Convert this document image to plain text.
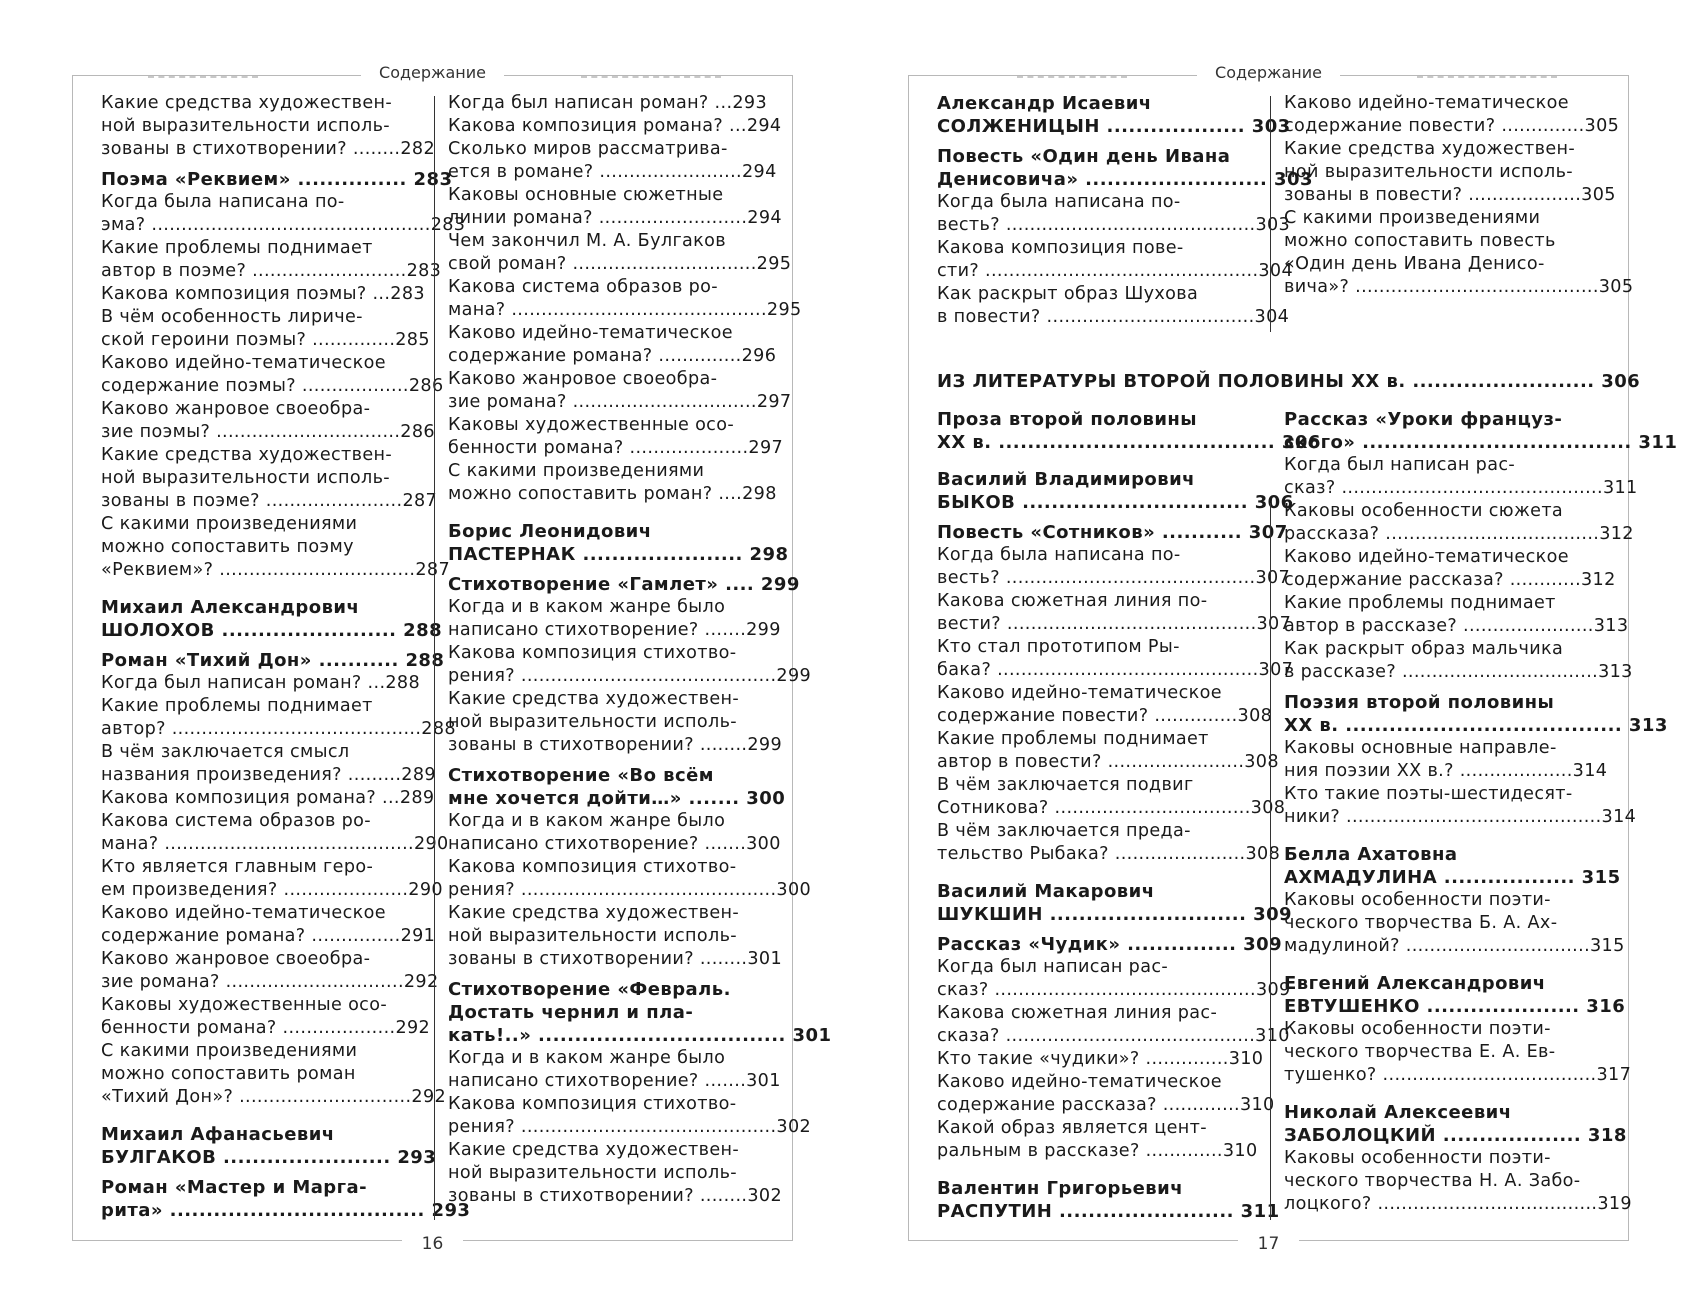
Содержание
Какие средства художествен-
ной выразительности исполь-
зованы в стихотворении? ........282
Поэма «Реквием» ............... 283
Когда была написана по-
эма? ...............................................283
Какие проблемы поднимает
автор в поэме? ..........................283
Какова композиция поэмы? ...283
В чём особенность лириче-
ской героини поэмы? ..............285
Каково идейно-тематическое
содержание поэмы? ..................286
Каково жанровое своеобра-
зие поэмы? ...............................286
Какие средства художествен-
ной выразительности исполь-
зованы в поэме? .......................287
С какими произведениями
можно сопоставить поэму
«Реквием»? .................................287
Михаил Александрович
ШОЛОХОВ ........................ 288
Роман «Тихий Дон» ........... 288
Когда был написан роман? ...288
Какие проблемы поднимает
автор? ..........................................288
В чём заключается смысл
названия произведения? .........289
Какова композиция романа? ...289
Какова система образов ро-
мана? ..........................................290
Кто является главным геро-
ем произведения? .....................290
Каково идейно-тематическое
содержание романа? ...............291
Каково жанровое своеобра-
зие романа? ..............................292
Каковы художественные осо-
бенности романа? ...................292
С какими произведениями
можно сопоставить роман
«Тихий Дон»? .............................292
Михаил Афанасьевич
БУЛГАКОВ ....................... 293
Роман «Мастер и Марга-
рита» ................................... 293
Когда был написан роман? ...293
Какова композиция романа? ...294
Сколько миров рассматрива-
ется в романе? ........................294
Каковы основные сюжетные
линии романа? .........................294
Чем закончил М. А. Булгаков
свой роман? ...............................295
Какова система образов ро-
мана? ...........................................295
Каково идейно-тематическое
содержание романа? ..............296
Каково жанровое своеобра-
зие романа? ...............................297
Каковы художественные осо-
бенности романа? ....................297
С какими произведениями
можно сопоставить роман? ....298
Борис Леонидович
ПАСТЕРНАК ...................... 298
Стихотворение «Гамлет» .... 299
Когда и в каком жанре было
написано стихотворение? .......299
Какова композиция стихотво-
рения? ...........................................299
Какие средства художествен-
ной выразительности исполь-
зованы в стихотворении? ........299
Стихотворение «Во всём
мне хочется дойти…» ....... 300
Когда и в каком жанре было
написано стихотворение? .......300
Какова композиция стихотво-
рения? ...........................................300
Какие средства художествен-
ной выразительности исполь-
зованы в стихотворении? ........301
Стихотворение «Февраль.
Достать чернил и пла-
кать!..» .................................. 301
Когда и в каком жанре было
написано стихотворение? .......301
Какова композиция стихотво-
рения? ...........................................302
Какие средства художествен-
ной выразительности исполь-
зованы в стихотворении? ........302
16
Содержание
Александр Исаевич
СОЛЖЕНИЦЫН ................... 303
Повесть «Один день Ивана
Денисовича» ......................... 303
Когда была написана по-
весть? ..........................................303
Какова композиция пове-
сти? ..............................................304
Как раскрыт образ Шухова
в повести? ...................................304
Каково идейно-тематическое
содержание повести? ..............305
Какие средства художествен-
ной выразительности исполь-
зованы в повести? ...................305
С какими произведениями
можно сопоставить повесть
«Один день Ивана Денисо-
вича»? .........................................305
ИЗ ЛИТЕРАТУРЫ ВТОРОЙ ПОЛОВИНЫ XX в. ......................... 306
Проза второй половины
XX в. ...................................... 306
Василий Владимирович
БЫКОВ ............................... 306
Повесть «Сотников» ........... 307
Когда была написана по-
весть? ..........................................307
Какова сюжетная линия по-
вести? ..........................................307
Кто стал прототипом Ры-
бака? ............................................307
Каково идейно-тематическое
содержание повести? ..............308
Какие проблемы поднимает
автор в повести? .......................308
В чём заключается подвиг
Сотникова? .................................308
В чём заключается преда-
тельство Рыбака? ......................308
Василий Макарович
ШУКШИН ........................... 309
Рассказ «Чудик» ............... 309
Когда был написан рас-
сказ? ............................................309
Какова сюжетная линия рас-
сказа? ..........................................310
Кто такие «чудики»? ..............310
Каково идейно-тематическое
содержание рассказа? .............310
Какой образ является цент-
ральным в рассказе? .............310
Валентин Григорьевич
РАСПУТИН ........................ 311
Рассказ «Уроки француз-
ского» ..................................... 311
Когда был написан рас-
сказ? ............................................311
Каковы особенности сюжета
рассказа? ....................................312
Каково идейно-тематическое
содержание рассказа? ............312
Какие проблемы поднимает
автор в рассказе? ......................313
Как раскрыт образ мальчика
в рассказе? .................................313
Поэзия второй половины
XX в. ...................................... 313
Каковы основные направле-
ния поэзии XX в.? ...................314
Кто такие поэты-шестидесят-
ники? ...........................................314
Белла Ахатовна
АХМАДУЛИНА .................. 315
Каковы особенности поэти-
ческого творчества Б. А. Ах-
мадулиной? ...............................315
Евгений Александрович
ЕВТУШЕНКО ..................... 316
Каковы особенности поэти-
ческого творчества Е. А. Ев-
тушенко? ....................................317
Николай Алексеевич
ЗАБОЛОЦКИЙ ................... 318
Каковы особенности поэти-
ческого творчества Н. А. Забо-
лоцкого? .....................................319
17
